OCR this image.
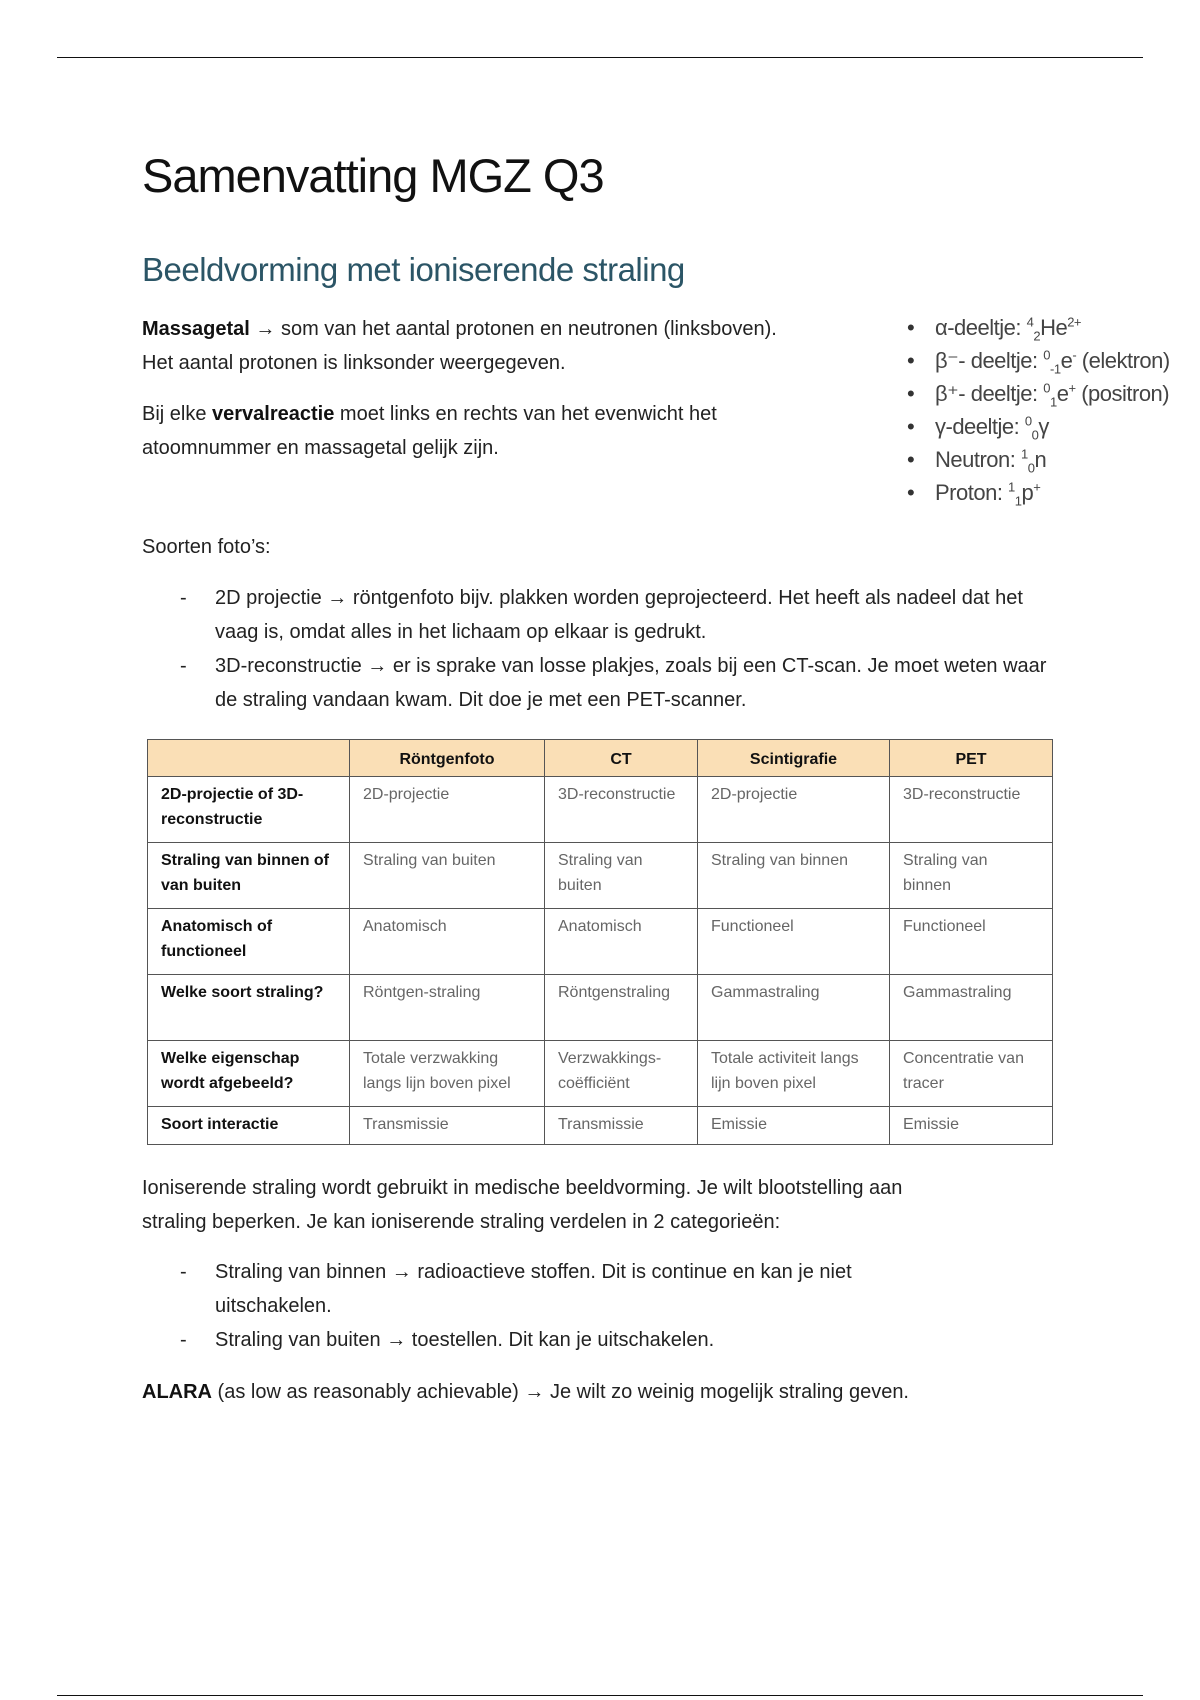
Samenvatting MGZ Q3
Beeldvorming met ioniserende straling
Massagetal → som van het aantal protonen en neutronen (linksboven).
Het aantal protonen is linksonder weergegeven.
Bij elke vervalreactie moet links en rechts van het evenwicht het
atoomnummer en massagetal gelijk zijn.
• α-deeltje: $^4_2He^{2+}$
• β⁻- deeltje: $^0_{-1}$e- (elektron)
• β⁺- deeltje: $^0_1$e+ (positron)
• γ-deeltje: $^0_0$γ
• Neutron: $^1_0$n
• Proton: $^1_1$p+
Soorten foto’s:
- 2D projectie → röntgenfoto bijv. plakken worden geprojecteerd. Het heeft als nadeel dat het vaag is, omdat alles in het lichaam op elkaar is gedrukt.
- 3D-reconstructie → er is sprake van losse plakjes, zoals bij een CT-scan. Je moet weten waar de straling vandaan kwam. Dit doe je met een PET-scanner.
	Röntgenfoto	CT	Scintigrafie	PET
2D-projectie of 3D-reconstructie	2D-projectie	3D-reconstructie	2D-projectie	3D-reconstructie
Straling van binnen of van buiten	Straling van buiten	Straling van buiten	Straling van binnen	Straling van binnen
Anatomisch of functioneel	Anatomisch	Anatomisch	Functioneel	Functioneel
Welke soort straling?	Röntgen-straling	Röntgenstraling	Gammastraling	Gammastraling
Welke eigenschap wordt afgebeeld?	Totale verzwakking langs lijn boven pixel	Verzwakkings-coëfficiënt	Totale activiteit langs lijn boven pixel	Concentratie van tracer
Soort interactie	Transmissie	Transmissie	Emissie	Emissie
Ioniserende straling wordt gebruikt in medische beeldvorming. Je wilt blootstelling aan
straling beperken. Je kan ioniserende straling verdelen in 2 categorieën:
- Straling van binnen → radioactieve stoffen. Dit is continue en kan je niet uitschakelen.
- Straling van buiten → toestellen. Dit kan je uitschakelen.
ALARA (as low as reasonably achievable) → Je wilt zo weinig mogelijk straling geven.
